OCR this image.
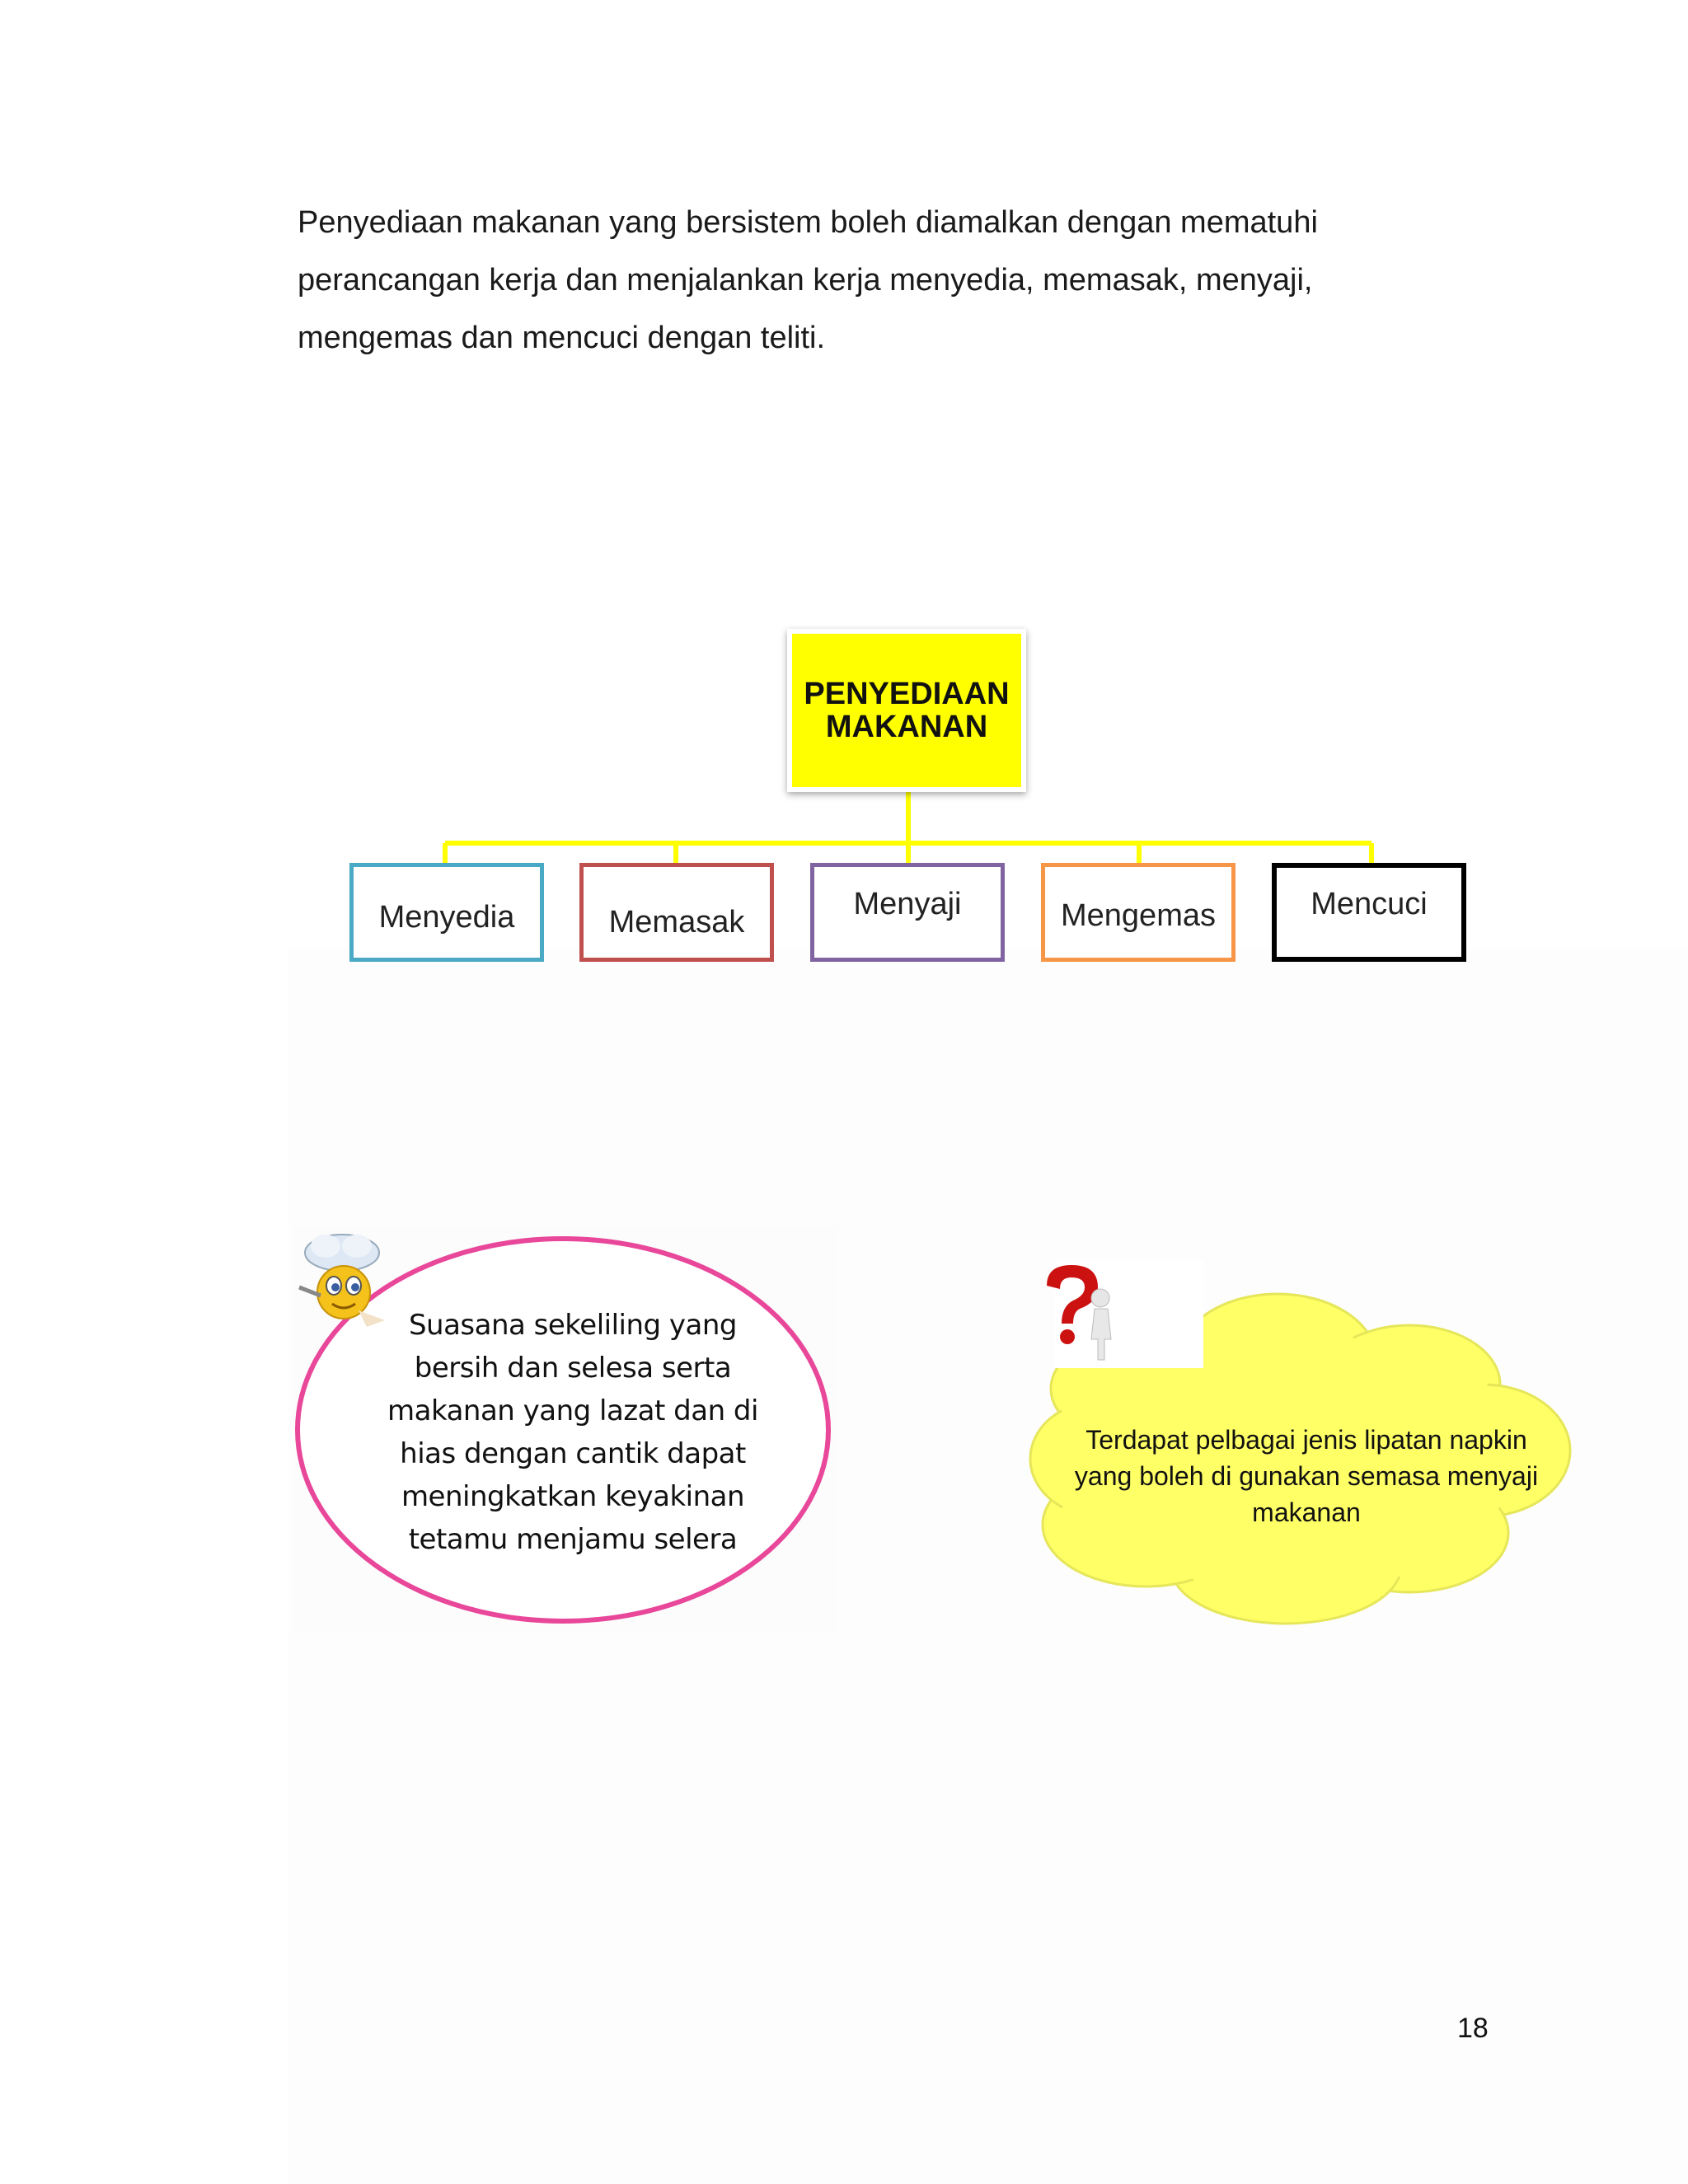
Penyediaan makanan yang bersistem boleh diamalkan dengan mematuhi

perancangan kerja dan menjalankan kerja menyedia, memasak, menyaji,

mengemas dan mencuci dengan teliti.

PENYEDIAAN
MAKANAN
Menyedia	Memasak
Menyaji	Mengemas	Mencuci
Suasana sekeliling yang
bersih dan selesa serta
makanan yang lazat dan di
hias dengan cantik dapat
meningkatkan keyakinan
tetamu menjamu selera
Terdapat pelbagai jenis lipatan napkin
yang boleh di gunakan semasa menyaji
makanan
18
